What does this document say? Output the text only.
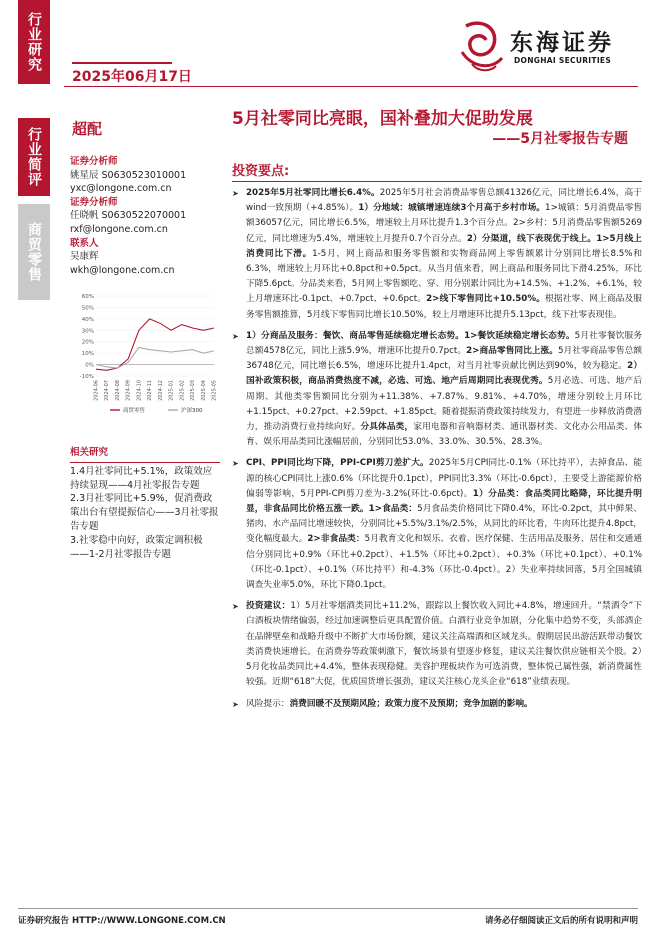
行业研究
行业简评
商贸零售
2025年06月17日
东海证券
DONGHAI SECURITIES
超配	5月社零同比亮眼，国补叠加大促助发展
——5月社零报告专题
证券分析师
姚星辰 S0630523010001
yxc@longone.com.cn
证券分析师
任晓帆 S0630522070001
rxf@longone.com.cn
联系人
吴康辉
wkh@longone.com.cn
60%
50%
40%
30%
20%
10%
0%
-10%
2024-06 2024-07 2024-08 2024-09 2024-10 2024-11 2024-12 2025-01 2025-02 2025-03 2025-04 2025-05
商贸零售	沪深300
相关研究
1.4月社零同比+5.1%，政策效应持续显现——4月社零报告专题
2.3月社零同比+5.9%，促消费政策出台有望提振信心——3月社零报告专题
3.社零稳中向好，政策定调积极——1-2月社零报告专题
投资要点:
➤ 2025年5月社零同比增长6.4%。2025年5月社会消费品零售总额41326亿元，同比增长6.4%，高于wind一致预期（+4.85%）。1）分地域：城镇增速连续3个月高于乡村市场。1>城镇：5月消费品零售额36057亿元，同比增长6.5%，增速较上月环比提升1.3个百分点。2>乡村：5月消费品零售额5269亿元，同比增速为5.4%，增速较上月提升0.7个百分点。2）分渠道，线下表现优于线上。1>5月线上消费同比下滑。1-5月，网上商品和服务零售额和实物商品网上零售额累计分别同比增长8.5%和6.3%，增速较上月环比+0.8pct和+0.5pct。从当月值来看，网上商品和服务同比下滑4.25%，环比下降5.6pct。分品类来看，5月网上零售额吃、穿、用分别累计同比为+14.5%、+1.2%、+6.1%，较上月增速环比-0.1pct、+0.7pct、+0.6pct。2>线下零售同比+10.50%。根据社零、网上商品及服务零售额推算，5月线下零售同比增长10.50%，较上月增速环比提升5.13pct，线下社零表现佳。
➤ 1）分商品及服务：餐饮、商品零售延续稳定增长态势。1>餐饮延续稳定增长态势。5月社零餐饮服务总额4578亿元，同比上涨5.9%，增速环比提升0.7pct。2>商品零售同比上涨。5月社零商品零售总额36748亿元，同比增长6.5%，增速环比提升1.4pct，对当月社零贡献比例达到90%，较为稳定。2）国补政策积极，商品消费热度不减，必选、可选、地产后周期同比表现优秀。5月必选、可选、地产后周期、其他类零售额同比分别为+11.38%、+7.87%、9.81%、+4.70%，增速分别较上月环比+1.15pct、+0.27pct、+2.59pct、+1.85pct。随着提振消费政策持续发力，有望进一步释放消费潜力，推动消费行业持续向好。分具体品类，家用电器和音响器材类、通讯器材类、文化办公用品类、体育、娱乐用品类同比涨幅居前，分别同比53.0%、33.0%、30.5%、28.3%。
➤ CPI、PPI同比均下降，PPI-CPI剪刀差扩大。2025年5月CPI同比-0.1%（环比持平），去掉食品、能源的核心CPI同比上涨0.6%（环比提升0.1pct），PPI同比3.3%（环比-0.6pct），主要受上游能源价格偏弱等影响，5月PPI-CPI剪刀差为-3.2%(环比-0.6pct)。1）分品类：食品类同比略降，环比提升明显，非食品同比价格五涨一跌。1>食品类：5月食品类价格同比下降0.4%，环比-0.2pct，其中鲜果、猪肉、水产品同比增速较快，分别同比+5.5%/3.1%/2.5%，从同比的环比看，牛肉环比提升4.8pct，变化幅度最大。2>非食品类：5月教育文化和娱乐、衣着、医疗保健、生活用品及服务、居住和交通通信分别同比+0.9%（环比+0.2pct）、+1.5%（环比+0.2pct）、+0.3%（环比+0.1pct）、+0.1%（环比-0.1pct）、+0.1%（环比持平）和-4.3%（环比-0.4pct）。2）失业率持续回落，5月全国城镇调查失业率5.0%，环比下降0.1pct。
➤ 投资建议：1）5月社零烟酒类同比+11.2%，跟踪以上餐饮收入同比+4.8%，增速回升。“禁酒令”下白酒板块情绪偏弱，经过加速调整后更具配置价值。白酒行业竞争加剧，分化集中趋势不变，头部酒企在品牌壁垒和战略升级中不断扩大市场份额，建议关注高端酒和区域龙头。假期居民出游活跃带动餐饮类消费快速增长。在消费券等政策刺激下，餐饮场景有望逐步修复，建议关注餐饮供应链相关个股。2）5月化妆品类同比+4.4%，整体表现稳健。美容护理板块作为可选消费，整体悦己属性强，新消费属性较强。近期“618”大促，优质国货增长强劲，建议关注核心龙头企业“618”业绩表现。
➤ 风险提示：消费回暖不及预期风险；政策力度不及预期；竞争加剧的影响。
证券研究报告 HTTP://WWW.LONGONE.COM.CN	请务必仔细阅读正文后的所有说明和声明
